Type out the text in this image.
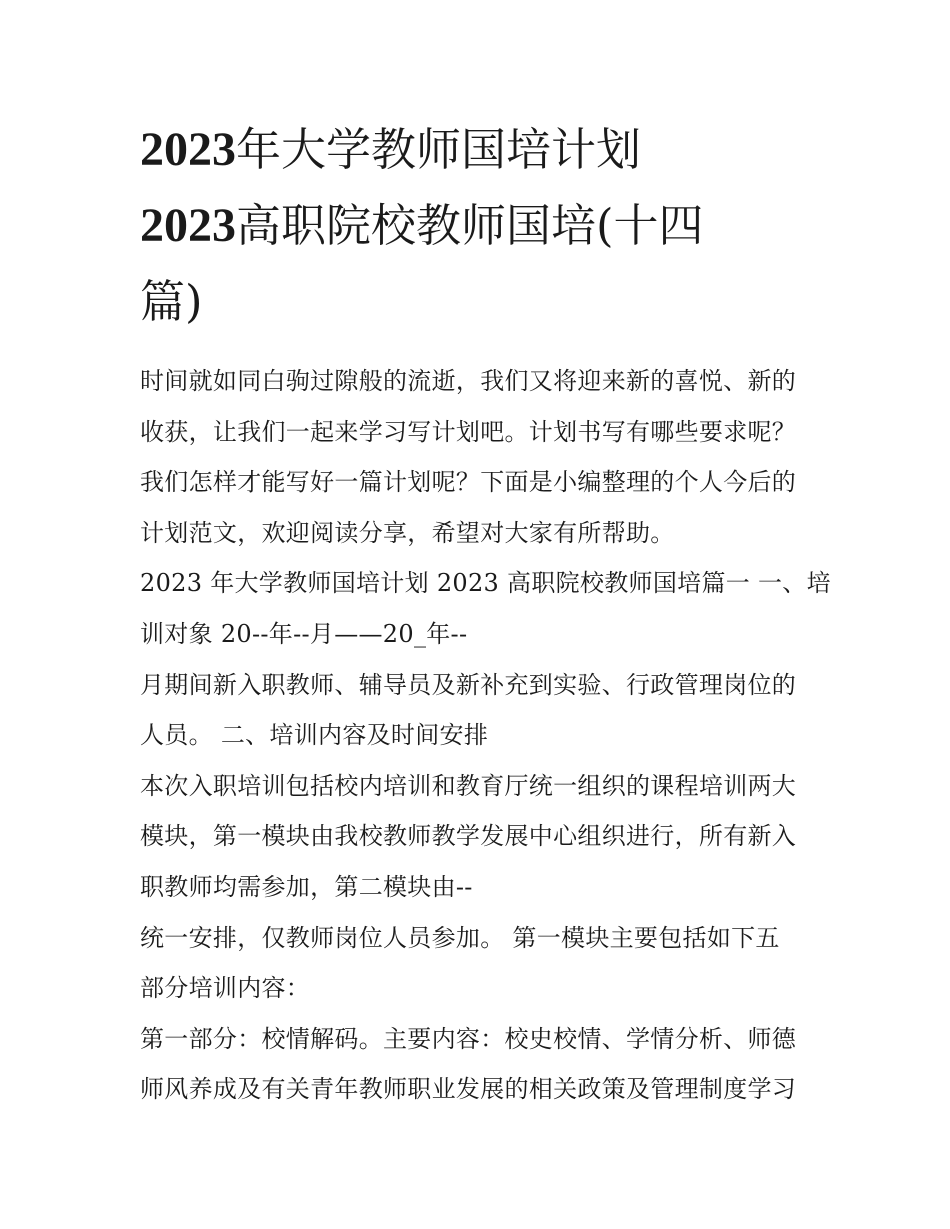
2023年大学教师国培计划
2023高职院校教师国培(十四
篇)

时间就如同白驹过隙般的流逝，我们又将迎来新的喜悦、新的
收获，让我们一起来学习写计划吧。计划书写有哪些要求呢？
我们怎样才能写好一篇计划呢？下面是小编整理的个人今后的
计划范文，欢迎阅读分享，希望对大家有所帮助。

2023 年大学教师国培计划 2023 高职院校教师国培篇一 一、培
训对象 20--年--月——20_年--

月期间新入职教师、辅导员及新补充到实验、行政管理岗位的
人员。 二、培训内容及时间安排

本次入职培训包括校内培训和教育厅统一组织的课程培训两大
模块，第一模块由我校教师教学发展中心组织进行，所有新入
职教师均需参加，第二模块由--

统一安排，仅教师岗位人员参加。 第一模块主要包括如下五
部分培训内容：

第一部分：校情解码。主要内容：校史校情、学情分析、师德
师风养成及有关青年教师职业发展的相关政策及管理制度学习
